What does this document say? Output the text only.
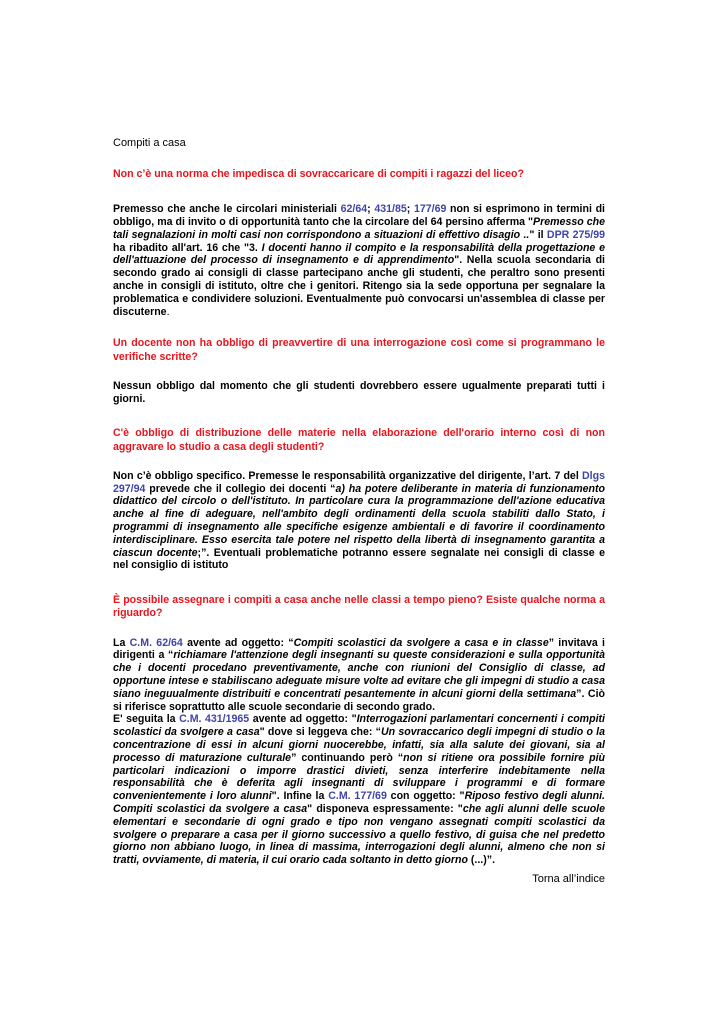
Compiti a casa

Non c’è una norma che impedisca di sovraccaricare di compiti i ragazzi del liceo?

Premesso che anche le circolari ministeriali 62/64; 431/85; 177/69 non si esprimono in termini di obbligo, ma di invito o di opportunità tanto che la circolare del 64 persino afferma "Premesso che tali segnalazioni in molti casi non corrispondono a situazioni di effettivo disagio .." il DPR 275/99 ha ribadito all'art. 16 che "3. I docenti hanno il compito e la responsabilità della progettazione e dell'attuazione del processo di insegnamento e di apprendimento". Nella scuola secondaria di secondo grado ai consigli di classe partecipano anche gli studenti, che peraltro sono presenti anche in consigli di istituto, oltre che i genitori. Ritengo sia la sede opportuna per segnalare la problematica e condividere soluzioni. Eventualmente può convocarsi un'assemblea di classe per discuterne.

Un docente non ha obbligo di preavvertire di una interrogazione così come si programmano le verifiche scritte?

Nessun obbligo dal momento che gli studenti dovrebbero essere ugualmente preparati tutti i giorni.

C'è obbligo di distribuzione delle materie nella elaborazione dell'orario interno così di non aggravare lo studio a casa degli studenti?

Non c’è obbligo specifico. Premesse le responsabilità organizzative del dirigente, l’art. 7 del Dlgs 297/94 prevede che il collegio dei docenti “a) ha potere deliberante in materia di funzionamento didattico del circolo o dell'istituto. In particolare cura la programmazione dell'azione educativa anche al fine di adeguare, nell'ambito degli ordinamenti della scuola stabiliti dallo Stato, i programmi di insegnamento alle specifiche esigenze ambientali e di favorire il coordinamento interdisciplinare. Esso esercita tale potere nel rispetto della libertà di insegnamento garantita a ciascun docente;”. Eventuali problematiche potranno essere segnalate nei consigli di classe e nel consiglio di istituto

È possibile assegnare i compiti a casa anche nelle classi a tempo pieno? Esiste qualche norma a riguardo?

La C.M. 62/64 avente ad oggetto: “Compiti scolastici da svolgere a casa e in classe” invitava i dirigenti a “richiamare l'attenzione degli insegnanti su queste considerazioni e sulla opportunità che i docenti procedano preventivamente, anche con riunioni del Consiglio di classe, ad opportune intese e stabiliscano adeguate misure volte ad evitare che gli impegni di studio a casa siano ineguualmente distribuiti e concentrati pesantemente in alcuni giorni della settimana”. Ciò si riferisce soprattutto alle scuole secondarie di secondo grado.

E' seguita la C.M. 431/1965 avente ad oggetto: "Interrogazioni parlamentari concernenti i compiti scolastici da svolgere a casa" dove si leggeva che: “Un sovraccarico degli impegni di studio o la concentrazione di essi in alcuni giorni nuocerebbe, infatti, sia alla salute dei giovani, sia al processo di maturazione culturale” continuando però “non si ritiene ora possibile fornire più particolari indicazioni o imporre drastici divieti, senza interferire indebitamente nella responsabilità che è deferita agli insegnanti di sviluppare i programmi e di formare convenientemente i loro alunni". Infine la C.M. 177/69 con oggetto: "Riposo festivo degli alunni. Compiti scolastici da svolgere a casa" disponeva espressamente: "che agli alunni delle scuole elementari e secondarie di ogni grado e tipo non vengano assegnati compiti scolastici da svolgere o preparare a casa per il giorno successivo a quello festivo, di guisa che nel predetto giorno non abbiano luogo, in linea di massima, interrogazioni degli alunni, almeno che non si tratti, ovviamente, di materia, il cui orario cada soltanto in detto giorno (...)”.

Torna all’indice
